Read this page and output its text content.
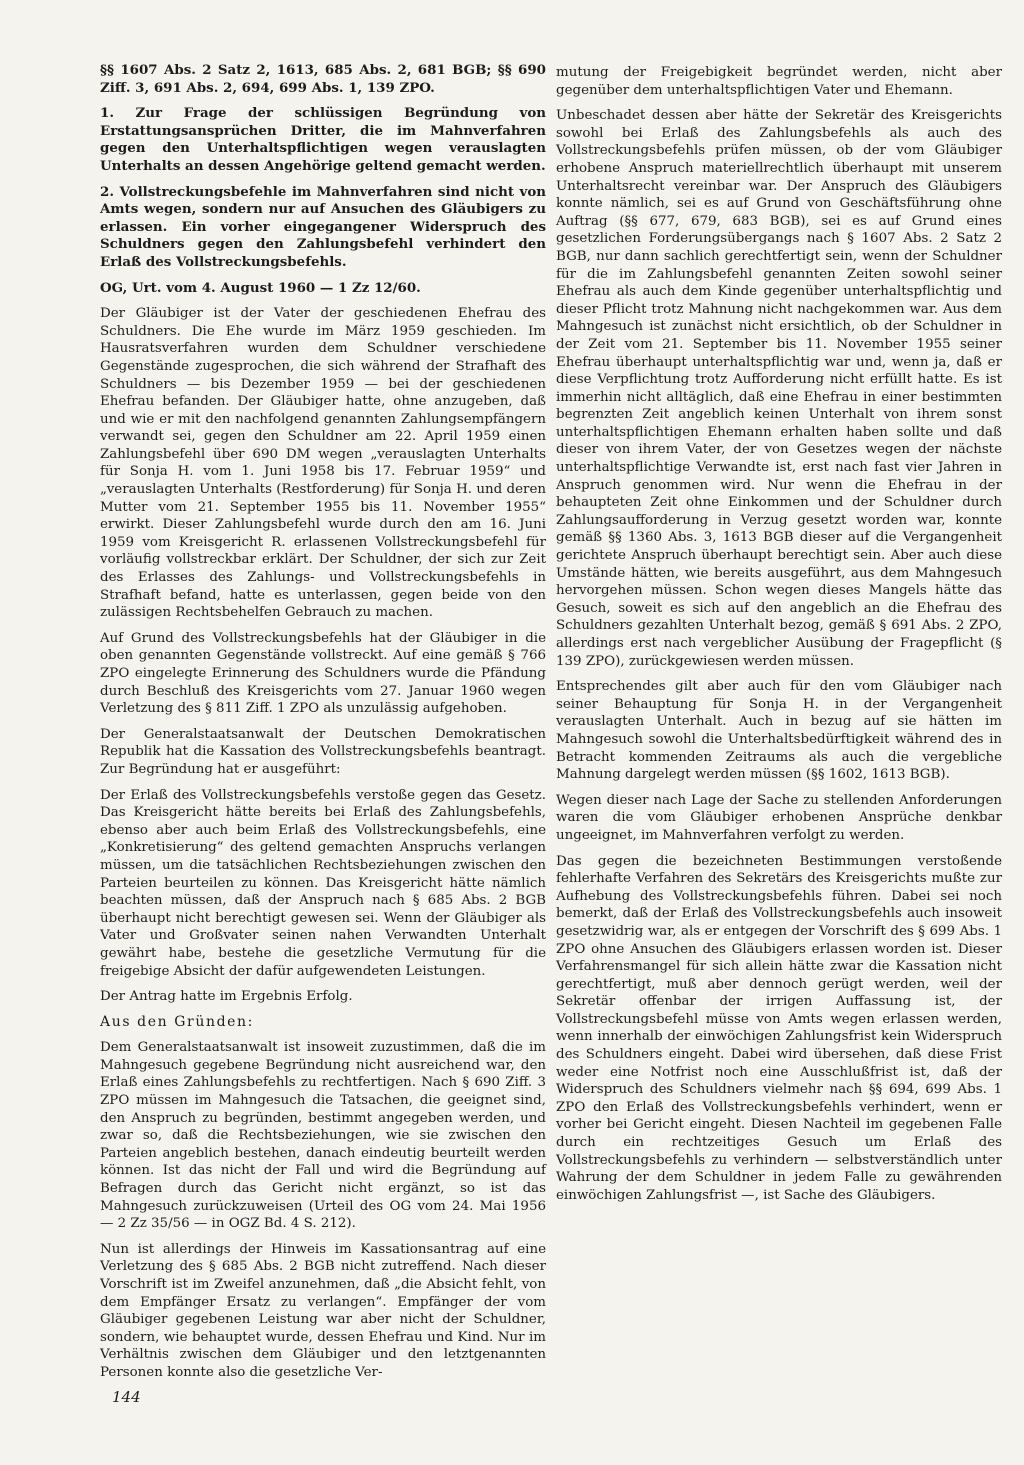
§§ 1607 Abs. 2 Satz 2, 1613, 685 Abs. 2, 681 BGB; §§ 690 Ziff. 3, 691 Abs. 2, 694, 699 Abs. 1, 139 ZPO.

1. Zur Frage der schlüssigen Begründung von Erstattungsansprüchen Dritter, die im Mahnverfahren gegen den Unterhaltspflichtigen wegen verauslagten Unterhalts an dessen Angehörige geltend gemacht werden.

2. Vollstreckungsbefehle im Mahnverfahren sind nicht von Amts wegen, sondern nur auf Ansuchen des Gläubigers zu erlassen. Ein vorher eingegangener Widerspruch des Schuldners gegen den Zahlungsbefehl verhindert den Erlaß des Vollstreckungsbefehls.

OG, Urt. vom 4. August 1960 — 1 Zz 12/60.

Der Gläubiger ist der Vater der geschiedenen Ehefrau des Schuldners. Die Ehe wurde im März 1959 geschieden. Im Hausratsverfahren wurden dem Schuldner verschiedene Gegenstände zugesprochen, die sich während der Strafhaft des Schuldners — bis Dezember 1959 — bei der geschiedenen Ehefrau befanden. Der Gläubiger hatte, ohne anzugeben, daß und wie er mit den nachfolgend genannten Zahlungsempfängern verwandt sei, gegen den Schuldner am 22. April 1959 einen Zahlungsbefehl über 690 DM wegen „verauslagten Unterhalts für Sonja H. vom 1. Juni 1958 bis 17. Februar 1959“ und „verauslagten Unterhalts (Restforderung) für Sonja H. und deren Mutter vom 21. September 1955 bis 11. November 1955“ erwirkt. Dieser Zahlungsbefehl wurde durch den am 16. Juni 1959 vom Kreisgericht R. erlassenen Vollstreckungsbefehl für vorläufig vollstreckbar erklärt. Der Schuldner, der sich zur Zeit des Erlasses des Zahlungs- und Vollstreckungsbefehls in Strafhaft befand, hatte es unterlassen, gegen beide von den zulässigen Rechtsbehelfen Gebrauch zu machen.

Auf Grund des Vollstreckungsbefehls hat der Gläubiger in die oben genannten Gegenstände vollstreckt. Auf eine gemäß § 766 ZPO eingelegte Erinnerung des Schuldners wurde die Pfändung durch Beschluß des Kreisgerichts vom 27. Januar 1960 wegen Verletzung des § 811 Ziff. 1 ZPO als unzulässig aufgehoben.

Der Generalstaatsanwalt der Deutschen Demokratischen Republik hat die Kassation des Vollstreckungsbefehls beantragt. Zur Begründung hat er ausgeführt:

Der Erlaß des Vollstreckungsbefehls verstoße gegen das Gesetz. Das Kreisgericht hätte bereits bei Erlaß des Zahlungsbefehls, ebenso aber auch beim Erlaß des Vollstreckungsbefehls, eine „Konkretisierung“ des geltend gemachten Anspruchs verlangen müssen, um die tatsächlichen Rechtsbeziehungen zwischen den Parteien beurteilen zu können. Das Kreisgericht hätte nämlich beachten müssen, daß der Anspruch nach § 685 Abs. 2 BGB überhaupt nicht berechtigt gewesen sei. Wenn der Gläubiger als Vater und Großvater seinen nahen Verwandten Unterhalt gewährt habe, bestehe die gesetzliche Vermutung für die freigebige Absicht der dafür aufgewendeten Leistungen.

Der Antrag hatte im Ergebnis Erfolg.

Aus den Gründen:

Dem Generalstaatsanwalt ist insoweit zuzustimmen, daß die im Mahngesuch gegebene Begründung nicht ausreichend war, den Erlaß eines Zahlungsbefehls zu rechtfertigen. Nach § 690 Ziff. 3 ZPO müssen im Mahngesuch die Tatsachen, die geeignet sind, den Anspruch zu begründen, bestimmt angegeben werden, und zwar so, daß die Rechtsbeziehungen, wie sie zwischen den Parteien angeblich bestehen, danach eindeutig beurteilt werden können. Ist das nicht der Fall und wird die Begründung auf Befragen durch das Gericht nicht ergänzt, so ist das Mahngesuch zurückzuweisen (Urteil des OG vom 24. Mai 1956 — 2 Zz 35/56 — in OGZ Bd. 4 S. 212).

Nun ist allerdings der Hinweis im Kassationsantrag auf eine Verletzung des § 685 Abs. 2 BGB nicht zutreffend. Nach dieser Vorschrift ist im Zweifel anzunehmen, daß „die Absicht fehlt, von dem Empfänger Ersatz zu verlangen“. Empfänger der vom Gläubiger gegebenen Leistung war aber nicht der Schuldner, sondern, wie behauptet wurde, dessen Ehefrau und Kind. Nur im Verhältnis zwischen dem Gläubiger und den letztgenannten Personen konnte also die gesetzliche Ver-

mutung der Freigebigkeit begründet werden, nicht aber gegenüber dem unterhaltspflichtigen Vater und Ehemann.

Unbeschadet dessen aber hätte der Sekretär des Kreisgerichts sowohl bei Erlaß des Zahlungsbefehls als auch des Vollstreckungsbefehls prüfen müssen, ob der vom Gläubiger erhobene Anspruch materiellrechtlich überhaupt mit unserem Unterhaltsrecht vereinbar war. Der Anspruch des Gläubigers konnte nämlich, sei es auf Grund von Geschäftsführung ohne Auftrag (§§ 677, 679, 683 BGB), sei es auf Grund eines gesetzlichen Forderungsübergangs nach § 1607 Abs. 2 Satz 2 BGB, nur dann sachlich gerechtfertigt sein, wenn der Schuldner für die im Zahlungsbefehl genannten Zeiten sowohl seiner Ehefrau als auch dem Kinde gegenüber unterhaltspflichtig und dieser Pflicht trotz Mahnung nicht nachgekommen war. Aus dem Mahngesuch ist zunächst nicht ersichtlich, ob der Schuldner in der Zeit vom 21. September bis 11. November 1955 seiner Ehefrau überhaupt unterhaltspflichtig war und, wenn ja, daß er diese Verpflichtung trotz Aufforderung nicht erfüllt hatte. Es ist immerhin nicht alltäglich, daß eine Ehefrau in einer bestimmten begrenzten Zeit angeblich keinen Unterhalt von ihrem sonst unterhaltspflichtigen Ehemann erhalten haben sollte und daß dieser von ihrem Vater, der von Gesetzes wegen der nächste unterhaltspflichtige Verwandte ist, erst nach fast vier Jahren in Anspruch genommen wird. Nur wenn die Ehefrau in der behaupteten Zeit ohne Einkommen und der Schuldner durch Zahlungsaufforderung in Verzug gesetzt worden war, konnte gemäß §§ 1360 Abs. 3, 1613 BGB dieser auf die Vergangenheit gerichtete Anspruch überhaupt berechtigt sein. Aber auch diese Umstände hätten, wie bereits ausgeführt, aus dem Mahngesuch hervorgehen müssen. Schon wegen dieses Mangels hätte das Gesuch, soweit es sich auf den angeblich an die Ehefrau des Schuldners gezahlten Unterhalt bezog, gemäß § 691 Abs. 2 ZPO, allerdings erst nach vergeblicher Ausübung der Fragepflicht (§ 139 ZPO), zurückgewiesen werden müssen.

Entsprechendes gilt aber auch für den vom Gläubiger nach seiner Behauptung für Sonja H. in der Vergangenheit verauslagten Unterhalt. Auch in bezug auf sie hätten im Mahngesuch sowohl die Unterhaltsbedürftigkeit während des in Betracht kommenden Zeitraums als auch die vergebliche Mahnung dargelegt werden müssen (§§ 1602, 1613 BGB).

Wegen dieser nach Lage der Sache zu stellenden Anforderungen waren die vom Gläubiger erhobenen Ansprüche denkbar ungeeignet, im Mahnverfahren verfolgt zu werden.

Das gegen die bezeichneten Bestimmungen verstoßende fehlerhafte Verfahren des Sekretärs des Kreisgerichts mußte zur Aufhebung des Vollstreckungsbefehls führen. Dabei sei noch bemerkt, daß der Erlaß des Vollstreckungsbefehls auch insoweit gesetzwidrig war, als er entgegen der Vorschrift des § 699 Abs. 1 ZPO ohne Ansuchen des Gläubigers erlassen worden ist. Dieser Verfahrensmangel für sich allein hätte zwar die Kassation nicht gerechtfertigt, muß aber dennoch gerügt werden, weil der Sekretär offenbar der irrigen Auffassung ist, der Vollstreckungsbefehl müsse von Amts wegen erlassen werden, wenn innerhalb der einwöchigen Zahlungsfrist kein Widerspruch des Schuldners eingeht. Dabei wird übersehen, daß diese Frist weder eine Notfrist noch eine Ausschlußfrist ist, daß der Widerspruch des Schuldners vielmehr nach §§ 694, 699 Abs. 1 ZPO den Erlaß des Vollstreckungsbefehls verhindert, wenn er vorher bei Gericht eingeht. Diesen Nachteil im gegebenen Falle durch ein rechtzeitiges Gesuch um Erlaß des Vollstreckungsbefehls zu verhindern — selbstverständlich unter Wahrung der dem Schuldner in jedem Falle zu gewährenden einwöchigen Zahlungsfrist —, ist Sache des Gläubigers.

144
